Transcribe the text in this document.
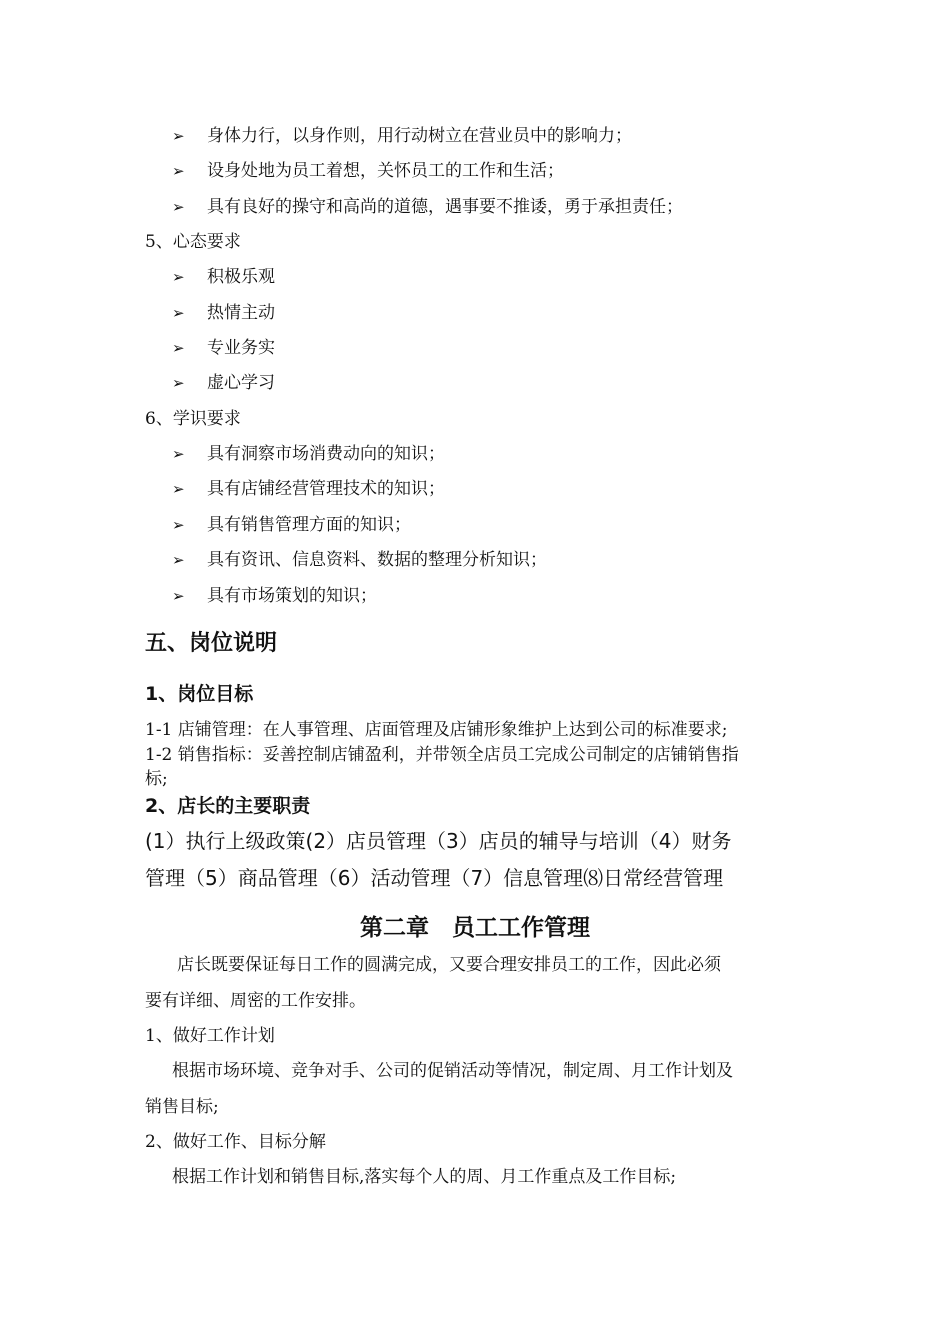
➢ 身体力行，以身作则，用行动树立在营业员中的影响力；
➢ 设身处地为员工着想，关怀员工的工作和生活；
➢ 具有良好的操守和高尚的道德，遇事要不推诿，勇于承担责任；
5、心态要求
➢ 积极乐观
➢ 热情主动
➢ 专业务实
➢ 虚心学习
6、学识要求
➢ 具有洞察市场消费动向的知识；
➢ 具有店铺经营管理技术的知识；
➢ 具有销售管理方面的知识；
➢ 具有资讯、信息资料、数据的整理分析知识；
➢ 具有市场策划的知识；
五、岗位说明
1、岗位目标
1-1 店铺管理：在人事管理、店面管理及店铺形象维护上达到公司的标准要求;
1-2 销售指标：妥善控制店铺盈利，并带领全店员工完成公司制定的店铺销售指
标;
2、店长的主要职责
(1）执行上级政策(2）店员管理（3）店员的辅导与培训（4）财务
管理（5）商品管理（6）活动管理（7）信息管理⑻日常经营管理
第二章　员工工作管理
店长既要保证每日工作的圆满完成，又要合理安排员工的工作，因此必须
要有详细、周密的工作安排。
1、做好工作计划
根据市场环境、竞争对手、公司的促销活动等情况，制定周、月工作计划及
销售目标;
2、做好工作、目标分解
根据工作计划和销售目标,落实每个人的周、月工作重点及工作目标;
